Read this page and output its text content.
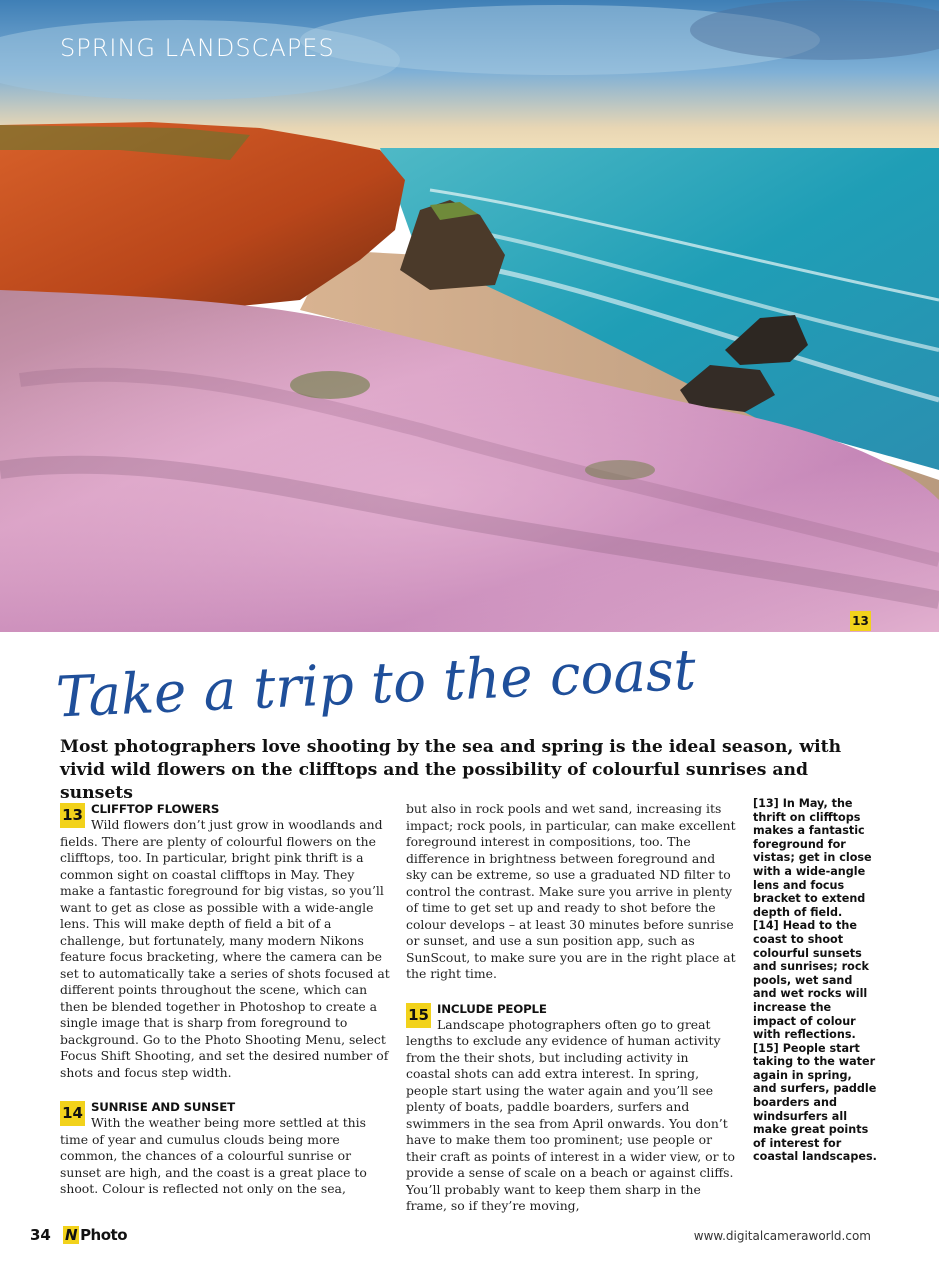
SPRING LANDSCAPES
13
Take a trip to the coast
Most photographers love shooting by the sea and spring is the ideal season, with vivid wild flowers on the clifftops and the possibility of colourful sunrises and sunsets
13 CLIFFTOP FLOWERS

Wild flowers don’t just grow in woodlands and fields. There are plenty of colourful flowers on the clifftops, too. In particular, bright pink thrift is a common sight on coastal clifftops in May. They make a fantastic foreground for big vistas, so you’ll want to get as close as possible with a wide-angle lens. This will make depth of field a bit of a challenge, but fortunately, many modern Nikons feature focus bracketing, where the camera can be set to automatically take a series of shots focused at different points throughout the scene, which can then be blended together in Photoshop to create a single image that is sharp from foreground to background. Go to the Photo Shooting Menu, select Focus Shift Shooting, and set the desired number of shots and focus step width.

14 SUNRISE AND SUNSET

With the weather being more settled at this time of year and cumulus clouds being more common, the chances of a colourful sunrise or sunset are high, and the coast is a great place to shoot. Colour is reflected not only on the sea,

but also in rock pools and wet sand, increasing its impact; rock pools, in particular, can make excellent foreground interest in compositions, too. The difference in brightness between foreground and sky can be extreme, so use a graduated ND filter to control the contrast. Make sure you arrive in plenty of time to get set up and ready to shot before the colour develops – at least 30 minutes before sunrise or sunset, and use a sun position app, such as SunScout, to make sure you are in the right place at the right time.

15 INCLUDE PEOPLE

Landscape photographers often go to great lengths to exclude any evidence of human activity from the their shots, but including activity in coastal shots can add extra interest. In spring, people start using the water again and you’ll see plenty of boats, paddle boarders, surfers and swimmers in the sea from April onwards. You don’t have to make them too prominent; use people or their craft as points of interest in a wider view, or to provide a sense of scale on a beach or against cliffs. You’ll probably want to keep them sharp in the frame, so if they’re moving,

[13] In May, the thrift on clifftops makes a fantastic foreground for vistas; get in close with a wide-angle lens and focus bracket to extend depth of field.

[14] Head to the coast to shoot colourful sunsets and sunrises; rock pools, wet sand and wet rocks will increase the impact of colour with reflections.

[15] People start taking to the water again in spring, and surfers, paddle boarders and windsurfers all make great points of interest for coastal landscapes.

34 N Photo	www.digitalcameraworld.com
